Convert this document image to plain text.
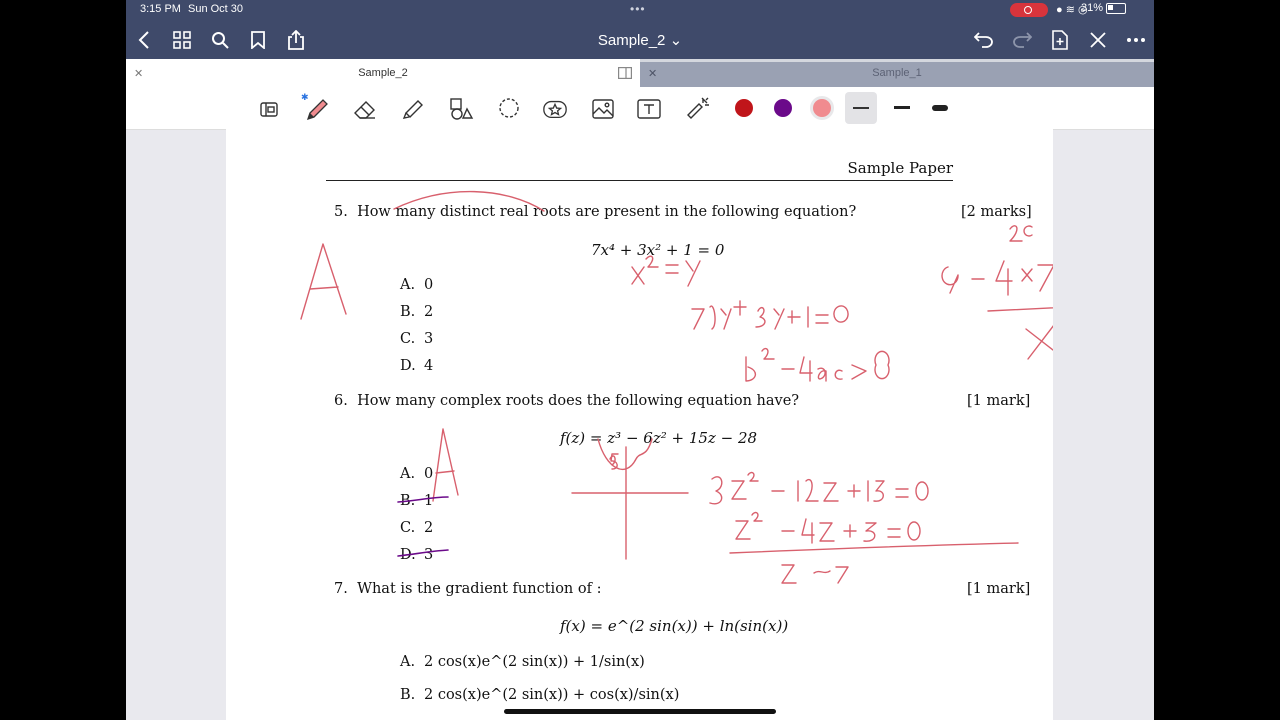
3:15 PM Sun Oct 30	•••	● ≋ ◎
31%
Sample_2 ⌄
✕	Sample_2	✕	Sample_1
✱
Sample Paper
5. How many distinct real roots are present in the following equation?	[2 marks]
7x⁴ + 3x² + 1 = 0
A. 0
B. 2
C. 3
D. 4
6. How many complex roots does the following equation have?	[1 mark]
f(z) = z³ − 6z² + 15z − 28
A. 0
B. 1
C. 2
D. 3
7. What is the gradient function of :	[1 mark]
f(x) = e^(2 sin(x)) + ln(sin(x))
A. 2 cos(x)e^(2 sin(x)) + 1/sin(x)
B. 2 cos(x)e^(2 sin(x)) + cos(x)/sin(x)
